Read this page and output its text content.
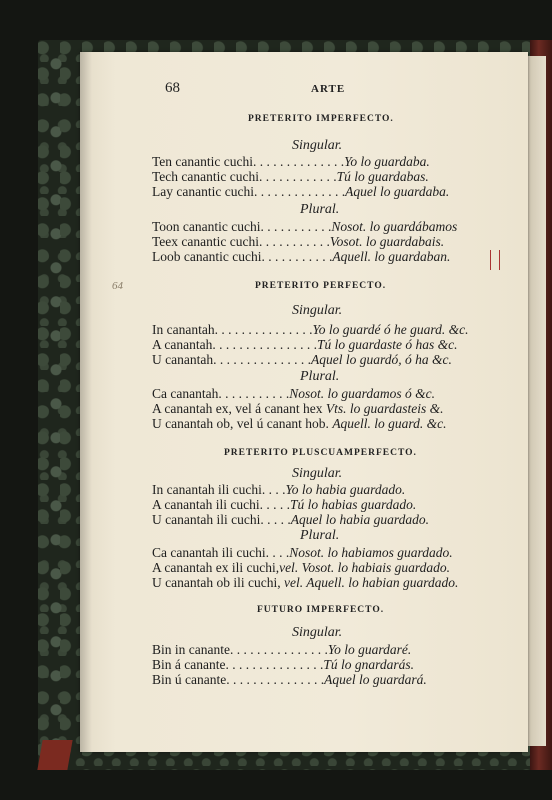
68	ARTE
64
PRETERITO IMPERFECTO.
Singular.
Ten canantic cuchi. . . . . . . . . . . . . .Yo lo guardaba.
Tech canantic cuchi. . . . . . . . . . . .Tú lo guardabas.
Lay canantic cuchi. . . . . . . . . . . . . .Aquel lo guardaba.
Plural.
Toon canantic cuchi. . . . . . . . . . .Nosot. lo guardábamos
Teex canantic cuchi. . . . . . . . . . .Vosot. lo guardabais.
Loob canantic cuchi. . . . . . . . . . .Aquell. lo guardaban.
PRETERITO PERFECTO.
Singular.
In canantah. . . . . . . . . . . . . . .Yo lo guardé ó he guard. &c.
A canantah. . . . . . . . . . . . . . . .Tú lo guardaste ó has &c.
U canantah. . . . . . . . . . . . . . .Aquel lo guardó, ó ha &c.
Plural.
Ca canantah. . . . . . . . . . .Nosot. lo guardamos ó &c.
A canantah ex, vel á canant hex Vts. lo guardasteis &.
U canantah ob, vel ú canant hob. Aquell. lo guard. &c.
PRETERITO PLUSCUAMPERFECTO.
Singular.
In canantah ili cuchi. . . .Yo lo habia guardado.
A canantah ili cuchi. . . . .Tú lo habias guardado.
U canantah ili cuchi. . . . .Aquel lo habia guardado.
Plural.
Ca canantah ili cuchi. . . .Nosot. lo habiamos guardado.
A canantah ex ili cuchi,vel. Vosot. lo habiais guardado.
U canantah ob ili cuchi, vel. Aquell. lo habian guardado.
FUTURO IMPERFECTO.
Singular.
Bin in canante. . . . . . . . . . . . . . .Yo lo guardaré.
Bin á canante. . . . . . . . . . . . . . .Tú lo gnardarás.
Bin ú canante. . . . . . . . . . . . . . .Aquel lo guardará.
